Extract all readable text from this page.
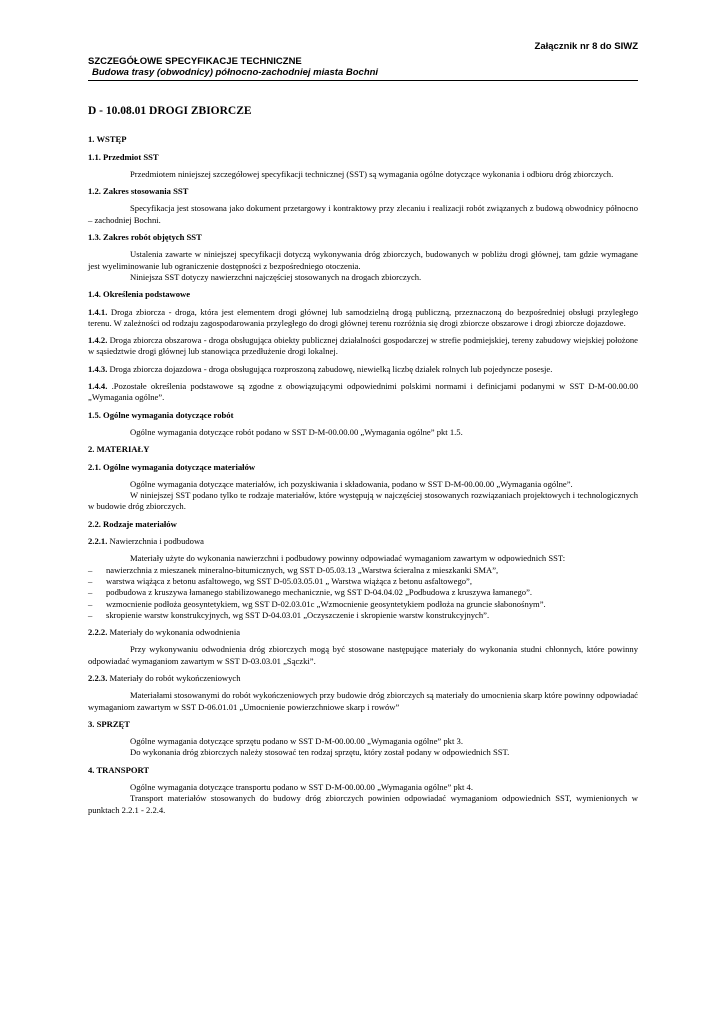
Załącznik nr 8 do SIWZ
SZCZEGÓŁOWE SPECYFIKACJE TECHNICZNE
Budowa trasy (obwodnicy) północno-zachodniej miasta Bochni
D - 10.08.01 DROGI ZBIORCZE
1. WSTĘP
1.1. Przedmiot SST
Przedmiotem niniejszej szczegółowej specyfikacji technicznej (SST) są wymagania ogólne dotyczące wykonania i odbioru dróg zbiorczych.
1.2. Zakres stosowania SST
Specyfikacja jest stosowana jako dokument przetargowy i kontraktowy przy zlecaniu i realizacji robót związanych z budową obwodnicy północno – zachodniej Bochni.
1.3. Zakres robót objętych SST
Ustalenia zawarte w niniejszej specyfikacji dotyczą wykonywania dróg zbiorczych, budowanych w pobliżu drogi głównej, tam gdzie wymagane jest wyeliminowanie lub ograniczenie dostępności z bezpośredniego otoczenia.
Niniejsza SST dotyczy nawierzchni najczęściej stosowanych na drogach zbiorczych.
1.4. Określenia podstawowe
1.4.1. Droga zbiorcza - droga, która jest elementem drogi głównej lub samodzielną drogą publiczną, przeznaczoną do bezpośredniej obsługi przyległego terenu. W zależności od rodzaju zagospodarowania przyległego do drogi głównej terenu rozróżnia się drogi zbiorcze obszarowe i drogi zbiorcze dojazdowe.
1.4.2. Droga zbiorcza obszarowa - droga obsługująca obiekty publicznej działalności gospodarczej w strefie podmiejskiej, tereny zabudowy wiejskiej położone w sąsiedztwie drogi głównej lub stanowiąca przedłużenie drogi lokalnej.
1.4.3. Droga zbiorcza dojazdowa - droga obsługująca rozproszoną zabudowę, niewielką liczbę działek rolnych lub pojedyncze posesje.
1.4.4. .Pozostałe określenia podstawowe są zgodne z obowiązującymi odpowiednimi polskimi normami i definicjami podanymi w SST D-M-00.00.00 „Wymagania ogólne”.
1.5. Ogólne wymagania dotyczące robót
Ogólne wymagania dotyczące robót podano w SST D-M-00.00.00 „Wymagania ogólne” pkt 1.5.
2. MATERIAŁY
2.1. Ogólne wymagania dotyczące materiałów
Ogólne wymagania dotyczące materiałów, ich pozyskiwania i składowania, podano w SST D-M-00.00.00 „Wymagania ogólne”.
W niniejszej SST podano tylko te rodzaje materiałów, które występują w najczęściej stosowanych rozwiązaniach projektowych i technologicznych w budowie dróg zbiorczych.
2.2. Rodzaje materiałów
2.2.1. Nawierzchnia i podbudowa
Materiały użyte do wykonania nawierzchni i podbudowy powinny odpowiadać wymaganiom zawartym w odpowiednich SST:
– nawierzchnia z mieszanek mineralno-bitumicznych, wg SST D-05.03.13 „Warstwa ścieralna z mieszkanki SMA”,
– warstwa wiążąca z betonu asfaltowego, wg SST D-05.03.05.01 „ Warstwa wiążąca z betonu asfaltowego”,
– podbudowa z kruszywa łamanego stabilizowanego mechanicznie, wg SST D-04.04.02 „Podbudowa z kruszywa łamanego”.
– wzmocnienie podłoża geosyntetykiem, wg SST D-02.03.01c „Wzmocnienie geosyntetykiem podłoża na gruncie słabonośnym”.
– skropienie warstw konstrukcyjnych, wg SST D-04.03.01 „Oczyszczenie i skropienie warstw konstrukcyjnych”.
2.2.2. Materiały do wykonania odwodnienia
Przy wykonywaniu odwodnienia dróg zbiorczych mogą być stosowane następujące materiały do wykonania studni chłonnych, które powinny odpowiadać wymaganiom zawartym w SST D-03.03.01 „Sączki”.
2.2.3. Materiały do robót wykończeniowych
Materiałami stosowanymi do robót wykończeniowych przy budowie dróg zbiorczych są materiały do umocnienia skarp które powinny odpowiadać wymaganiom zawartym w SST D-06.01.01 „Umocnienie powierzchniowe skarp i rowów”
3. SPRZĘT
Ogólne wymagania dotyczące sprzętu podano w SST D-M-00.00.00 „Wymagania ogólne” pkt 3.
Do wykonania dróg zbiorczych należy stosować ten rodzaj sprzętu, który został podany w odpowiednich SST.
4. TRANSPORT
Ogólne wymagania dotyczące transportu podano w SST D-M-00.00.00 „Wymagania ogólne” pkt 4.
Transport materiałów stosowanych do budowy dróg zbiorczych powinien odpowiadać wymaganiom odpowiednich SST, wymienionych w punktach 2.2.1 - 2.2.4.
